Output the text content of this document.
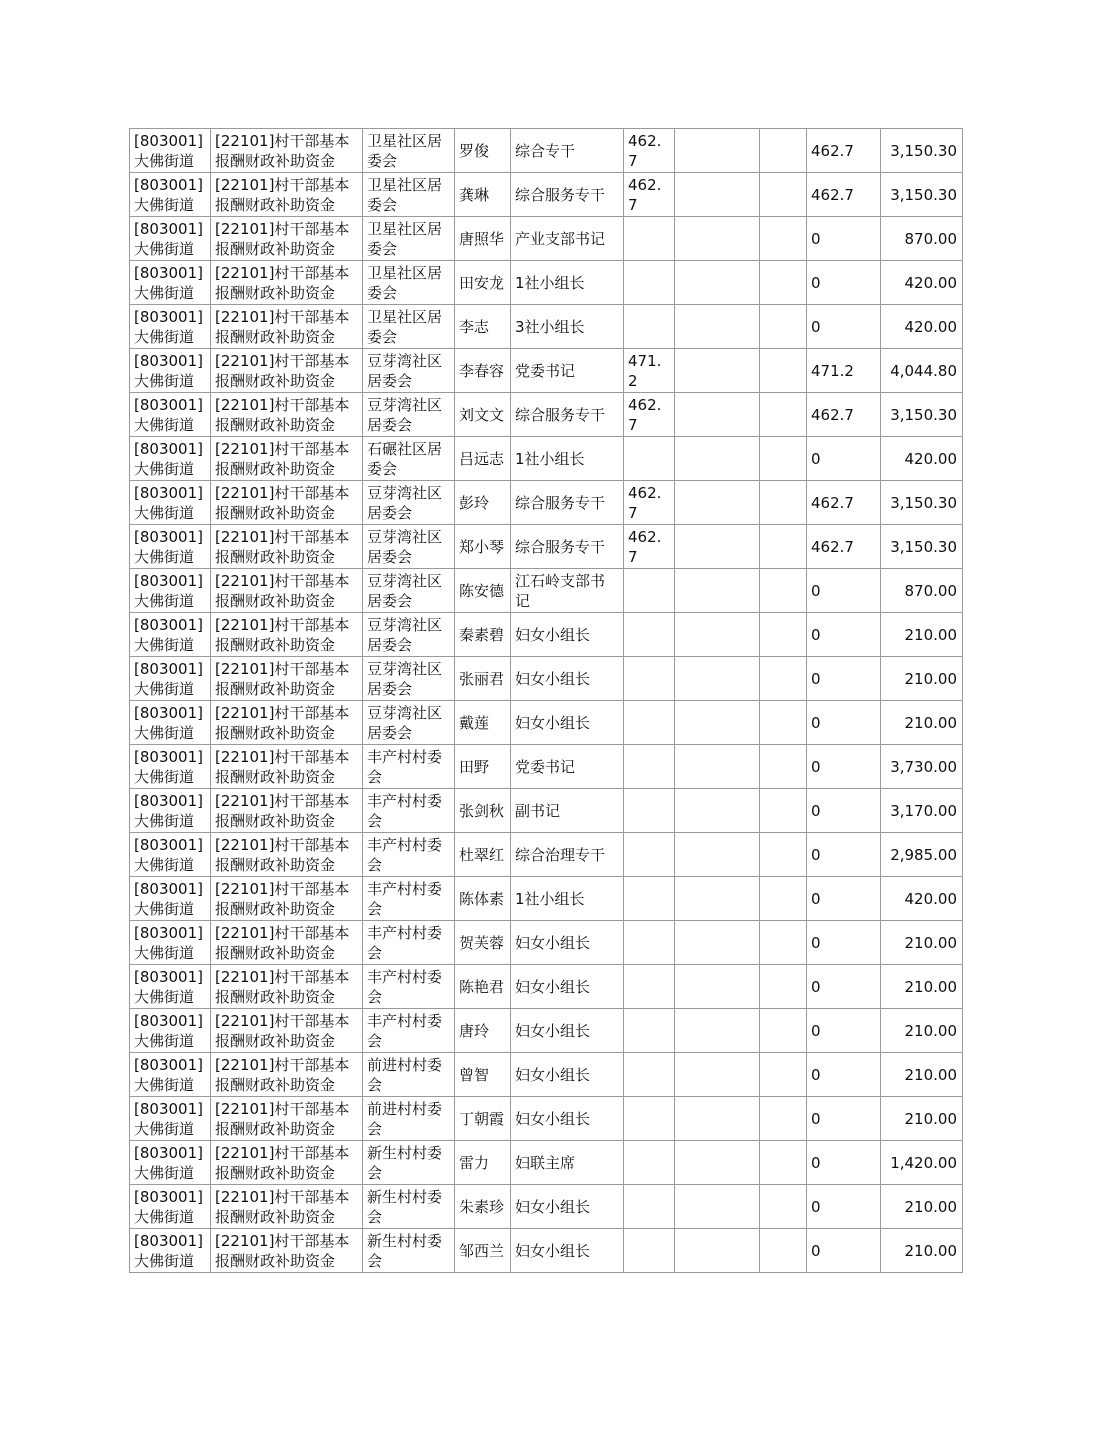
[803001]大佛街道	[22101]村干部基本报酬财政补助资金	卫星社区居委会	罗俊	综合专干	462.7			462.7	3,150.30
[803001]大佛街道	[22101]村干部基本报酬财政补助资金	卫星社区居委会	龚琳	综合服务专干	462.7			462.7	3,150.30
[803001]大佛街道	[22101]村干部基本报酬财政补助资金	卫星社区居委会	唐照华	产业支部书记				0	870.00
[803001]大佛街道	[22101]村干部基本报酬财政补助资金	卫星社区居委会	田安龙	1社小组长				0	420.00
[803001]大佛街道	[22101]村干部基本报酬财政补助资金	卫星社区居委会	李志	3社小组长				0	420.00
[803001]大佛街道	[22101]村干部基本报酬财政补助资金	豆芽湾社区居委会	李春容	党委书记	471.2			471.2	4,044.80
[803001]大佛街道	[22101]村干部基本报酬财政补助资金	豆芽湾社区居委会	刘文文	综合服务专干	462.7			462.7	3,150.30
[803001]大佛街道	[22101]村干部基本报酬财政补助资金	石碾社区居委会	吕远志	1社小组长				0	420.00
[803001]大佛街道	[22101]村干部基本报酬财政补助资金	豆芽湾社区居委会	彭玲	综合服务专干	462.7			462.7	3,150.30
[803001]大佛街道	[22101]村干部基本报酬财政补助资金	豆芽湾社区居委会	郑小琴	综合服务专干	462.7			462.7	3,150.30
[803001]大佛街道	[22101]村干部基本报酬财政补助资金	豆芽湾社区居委会	陈安德	江石岭支部书记				0	870.00
[803001]大佛街道	[22101]村干部基本报酬财政补助资金	豆芽湾社区居委会	秦素碧	妇女小组长				0	210.00
[803001]大佛街道	[22101]村干部基本报酬财政补助资金	豆芽湾社区居委会	张丽君	妇女小组长				0	210.00
[803001]大佛街道	[22101]村干部基本报酬财政补助资金	豆芽湾社区居委会	戴莲	妇女小组长				0	210.00
[803001]大佛街道	[22101]村干部基本报酬财政补助资金	丰产村村委会	田野	党委书记				0	3,730.00
[803001]大佛街道	[22101]村干部基本报酬财政补助资金	丰产村村委会	张剑秋	副书记				0	3,170.00
[803001]大佛街道	[22101]村干部基本报酬财政补助资金	丰产村村委会	杜翠红	综合治理专干				0	2,985.00
[803001]大佛街道	[22101]村干部基本报酬财政补助资金	丰产村村委会	陈体素	1社小组长				0	420.00
[803001]大佛街道	[22101]村干部基本报酬财政补助资金	丰产村村委会	贺芙蓉	妇女小组长				0	210.00
[803001]大佛街道	[22101]村干部基本报酬财政补助资金	丰产村村委会	陈艳君	妇女小组长				0	210.00
[803001]大佛街道	[22101]村干部基本报酬财政补助资金	丰产村村委会	唐玲	妇女小组长				0	210.00
[803001]大佛街道	[22101]村干部基本报酬财政补助资金	前进村村委会	曾智	妇女小组长				0	210.00
[803001]大佛街道	[22101]村干部基本报酬财政补助资金	前进村村委会	丁朝霞	妇女小组长				0	210.00
[803001]大佛街道	[22101]村干部基本报酬财政补助资金	新生村村委会	雷力	妇联主席				0	1,420.00
[803001]大佛街道	[22101]村干部基本报酬财政补助资金	新生村村委会	朱素珍	妇女小组长				0	210.00
[803001]大佛街道	[22101]村干部基本报酬财政补助资金	新生村村委会	邹西兰	妇女小组长				0	210.00
